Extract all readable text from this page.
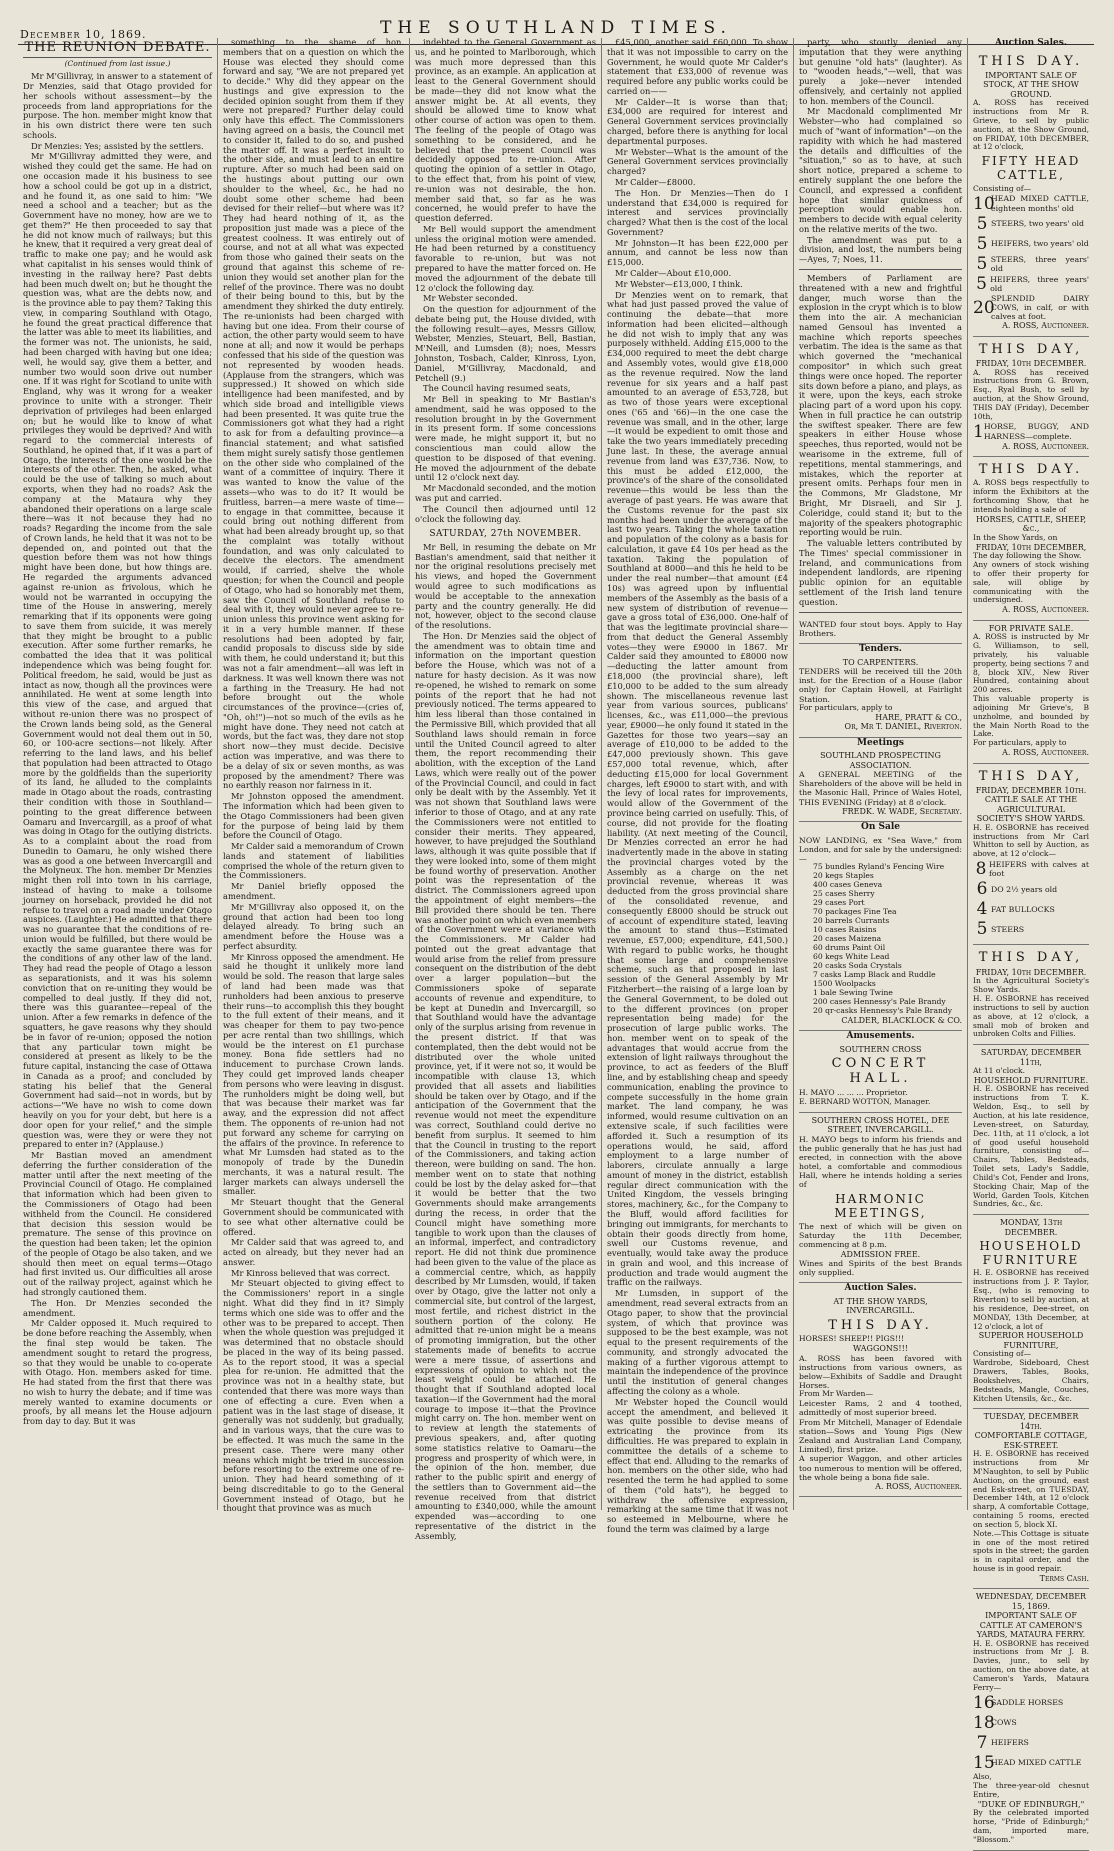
December 10, 1869.	THE SOUTHLAND TIMES.
THE REUNION DEBATE.
(Continued from last issue.)

Mr M'Gillivray, in answer to a statement of Dr Menzies, said that Otago provided for her schools without assessment—by the proceeds from land appropriations for the purpose. The hon. member might know that in his own district there were ten such schools.

Dr Menzies: Yes; assisted by the settlers.

Mr M'Gillivray admitted they were, and wished they could get the same. He had on one occasion made it his business to see how a school could be got up in a district, and he found it, as one said to him: "We need a school and a teacher; but as the Government have no money, how are we to get them?" He then proceeded to say that he did not know much of railways; but this he knew, that it required a very great deal of traffic to make one pay; and he would ask what capitalist in his senses would think of investing in the railway here? Past debts had been much dwelt on; but he thought the question was, what are the debts now, and is the province able to pay them? Taking this view, in comparing Southland with Otago, he found the great practical difference that the latter was able to meet its liabilities, and the former was not. The unionists, he said, had been charged with having but one idea; well, he would say, give them a better, and number two would soon drive out number one. If it was right for Scotland to unite with England, why was it wrong for a weaker province to unite with a stronger. Their deprivation of privileges had been enlarged on; but he would like to know of what privileges they would be deprived? And with regard to the commercial interests of Southland, he opined that, if it was a part of Otago, the interests of the one would be the interests of the other. Then, he asked, what could be the use of talking so much about exports, when they had no roads? Ask the company at the Mataura why they abandoned their operations on a large scale there—was it not because they had no roads? Regarding the income from the sale of Crown lands, he held that it was not to be depended on, and pointed out that the question before them was not how things might have been done, but how things are. He regarded the arguments advanced against re-union as frivolous, which he would not be warranted in occupying the time of the House in answering, merely remarking that if its opponents were going to save them from suicide, it was merely that they might be brought to a public execution. After some further remarks, he combatted the idea that it was political independence which was being fought for. Political freedom, he said, would be just as intact as now, though all the provinces were annihilated. He went at some length into this view of the case, and argued that without re-union there was no prospect of the Crown lands being sold, as the General Government would not deal them out in 50, 60, or 100-acre sections—not likely. After referring to the land laws, and his belief that population had been attracted to Otago more by the goldfields than the superiority of its land, he alluded to the complaints made in Otago about the roads, contrasting their condition with those in Southland—pointing to the great difference between Oamaru and Invercargill, as a proof of what was doing in Otago for the outlying districts. As to a complaint about the road from Dunedin to Oamaru, he only wished there was as good a one between Invercargill and the Molyneux. The hon. member Dr Menzies might then roll into town in his carriage, instead of having to make a toilsome journey on horseback, provided he did not refuse to travel on a road made under Otago auspices. (Laughter.) He admitted that there was no guarantee that the conditions of re-union would be fulfilled, but there would be exactly the same guarantee there was for the conditions of any other law of the land. They had read the people of Otago a lesson as separationists, and it was his solemn conviction that on re-uniting they would be compelled to deal justly. If they did not, there was this guarantee—repeal of the union. After a few remarks in defence of the squatters, he gave reasons why they should be in favor of re-union; opposed the notion that any particular town might be considered at present as likely to be the future capital, instancing the case of Ottawa in Canada as a proof; and concluded by stating his belief that the General Government had said—not in words, but by actions—"We have no wish to come down heavily on you for your debt, but here is a door open for your relief," and the simple question was, were they or were they not prepared to enter in? (Applause.)

Mr Bastian moved an amendment deferring the further consideration of the matter until after the next meeting of the Provincial Council of Otago. He complained that information which had been given to the Commissioners of Otago had been withheld from the Council. He considered that decision this session would be premature. The sense of this province on the question had been taken; let the opinion of the people of Otago be also taken, and we should then meet on equal terms—Otago had first invited us. Our difficulties all arose out of the railway project, against which he had strongly cautioned them.

The Hon. Dr Menzies seconded the amendment.

Mr Calder opposed it. Much required to be done before reaching the Assembly, when the final step would be taken. The amendment sought to retard the progress, so that they would be unable to co-operate with Otago. Hon. members asked for time. He had stated from the first that there was no wish to hurry the debate; and if time was merely wanted to examine documents or proofs, by all means let the House adjourn from day to day. But it was

something to the shame of hon. members that on a question on which the House was elected they should come forward and say, "We are not prepared yet to decide." Why did they appear on the hustings and give expression to the decided opinion sought from them if they were not prepared? Further delay could only have this effect. The Commissioners having agreed on a basis, the Council met to consider it, failed to do so, and pushed the matter off. It was a perfect insult to the other side, and must lead to an entire rupture. After so much had been said on the hustings about putting our own shoulder to the wheel, &c., he had no doubt some other scheme had been devised for their relief—but where was it? They had heard nothing of it, as the proposition just made was a piece of the greatest coolness. It was entirely out of course, and not at all what was expected from those who gained their seats on the ground that against this scheme of re-union they would set another plan for the relief of the province. There was no doubt of their being bound to this, but by the amendment they shirked the duty entirely. The re-unionists had been charged with having but one idea. From their course of action, the other party would seem to have none at all; and now it would be perhaps confessed that his side of the question was not represented by wooden heads. (Applause from the strangers, which was suppressed.) It showed on which side intelligence had been manifested, and by which side broad and intelligible views had been presented. It was quite true the Commissioners got what they had a right to ask for from a defaulting province—a financial statement; and what satisfied them might surely satisfy those gentlemen on the other side who complained of the want of a committee of inquiry. There it was wanted to know the value of the assets—who was to do it? It would be fruitless, barren—a mere waste of time—to engage in that committee, because it could bring out nothing different from what had been already brought up, so that the complaint was totally without foundation, and was only calculated to deceive the electors. The amendment would, if carried, shelve the whole question; for when the Council and people of Otago, who had so honorably met them, saw the Council of Southland refuse to deal with it, they would never agree to re-union unless this province went asking for it in a very humble manner. If these resolutions had been adopted by fair, candid proposals to discuss side by side with them, he could understand it; but this was not a fair amendment—all was left in darkness. It was well known there was not a farthing in the Treasury. He had not before brought out the whole circumstances of the province—(cries of, "Oh, oh!")—not so much of the evils as he might have done. They need not catch at words, but the fact was, they dare not stop short now—they must decide. Decisive action was imperative, and was there to be a delay of six or seven months, as was proposed by the amendment? There was no earthly reason nor fairness in it.

Mr Johnston opposed the amendment. The information which had been given to the Otago Commissioners had been given for the purpose of being laid by them before the Council of Otago.

Mr Calder said a memorandum of Crown lands and statement of liabilities comprised the whole of the return given to the Commissioners.

Mr Daniel briefly opposed the amendment.

Mr M'Gillivray also opposed it, on the ground that action had been too long delayed already. To bring such an amendment before the House was a perfect absurdity.

Mr Kinross opposed the amendment. He said he thought it unlikely more land would be sold. The reason that large sales of land had been made was that runholders had been anxious to preserve their runs—to accomplish this they bought to the full extent of their means, and it was cheaper for them to pay two-pence per acre rental than two shillings, which would be the interest on £1 purchase money. Bona fide settlers had no inducement to purchase Crown lands. They could get improved lands cheaper from persons who were leaving in disgust. The runholders might be doing well, but that was because their market was far away, and the expression did not affect them. The opponents of re-union had not put forward any scheme for carrying on the affairs of the province. In reference to what Mr Lumsden had stated as to the monopoly of trade by the Dunedin merchants, it was a natural result. The larger markets can always undersell the smaller.

Mr Steuart thought that the General Government should be communicated with to see what other alternative could be offered.

Mr Calder said that was agreed to, and acted on already, but they never had an answer.

Mr Kinross believed that was correct.

Mr Steuart objected to giving effect to the Commissioners' report in a single night. What did they find in it? Simply terms which one side was to offer and the other was to be prepared to accept. Then when the whole question was prejudged it was determined that no obstacle should be placed in the way of its being passed. As to the report stood, it was a special plea for re-union. He admitted that the province was not in a healthy state, but contended that there was more ways than one of effecting a cure. Even when a patient was in the last stage of disease, it generally was not suddenly, but gradually, and in various ways, that the cure was to be effected. It was much the same in the present case. There were many other means which might be tried in succession before resorting to the extreme one of re-union. They had heard something of it being discreditable to go to the General Government instead of Otago, but he thought that province was as much

indebted to the General Government as us, and he pointed to Marlborough, which was much more depressed than this province, as an example. An application at least to the General Government should be made—they did not know what the answer might be. At all events, they should be allowed time to know what other course of action was open to them. The feeling of the people of Otago was something to be considered, and he believed that the present Council was decidedly opposed to re-union. After quoting the opinion of a settler in Otago, to the effect that, from his point of view, re-union was not desirable, the hon. member said that, so far as he was concerned, he would prefer to have the question deferred.

Mr Bell would support the amendment unless the original motion were amended. He had been returned by a constituency favorable to re-union, but was not prepared to have the matter forced on. He moved the adjournment of the debate till 12 o'clock the following day.

Mr Webster seconded.

On the question for adjournment of the debate being put, the House divided, with the following result—ayes, Messrs Gillow, Webster, Menzies, Steuart, Bell, Bastian, M'Neill, and Lumsden (8); noes, Messrs Johnston, Tosbach, Calder, Kinross, Lyon, Daniel, M'Gillivray, Macdonald, and Petchell (9.)

The Council having resumed seats,

Mr Bell in speaking to Mr Bastian's amendment, said he was opposed to the resolution brought in by the Government in its present form. If some concessions were made, he might support it, but no conscientious man could allow the question to be disposed of that evening. He moved the adjournment of the debate until 12 o'clock next day.

Mr Macdonald seconded, and the motion was put and carried.

The Council then adjourned until 12 o'clock the following day.

SATURDAY, 27th NOVEMBER.

Mr Bell, in resuming the debate on Mr Bastian's amendment, said that neither it nor the original resolutions precisely met his views, and hoped the Government would agree to such modifications as would be acceptable to the annexation party and the country generally. He did not, however, object to the second clause of the resolutions.

The Hon. Dr Menzies said the object of the amendment was to obtain time and information on the important question before the House, which was not of a nature for hasty decision. As it was now re-opened, he wished to remark on some points of the report that he had not previously noticed. The terms appeared to him less liberal than those contained in the Permissive Bill, which provided that all Southland laws should remain in force until the United Council agreed to alter them, the report recommending their abolition, with the exception of the Land Laws, which were really out of the power of the Provincial Council, and could in fact only be dealt with by the Assembly. Yet it was not shown that Southland laws were inferior to those of Otago, and at any rate the Commissioners were not entitled to consider their merits. They appeared, however, to have prejudged the Southland laws, although it was quite possible that if they were looked into, some of them might be found worthy of preservation. Another point was the representation of the district. The Commissioners agreed upon the appointment of eight members—the Bill provided there should be ten. There was another point on which even members of the Government were at variance with the Commissioners. Mr Calder had pointed out the great advantage that would arise from the relief from pressure consequent on the distribution of the debt over a larger population—but the Commissioners spoke of separate accounts of revenue and expenditure, to be kept at Dunedin and Invercargill, so that Southland would have the advantage only of the surplus arising from revenue in the present district. If that was contemplated, then the debt would not be distributed over the whole united province, yet, if it were not so, it would be incompatible with clause 13, which provided that all assets and liabilities should be taken over by Otago, and if the anticipation of the Government that the revenue would not meet the expenditure was correct, Southland could derive no benefit from surplus. It seemed to him that the Council in trusting to the report of the Commissioners, and taking action thereon, were building on sand. The hon. member went on to state that nothing could be lost by the delay asked for—that it would be better that the two Governments should make arrangements during the recess, in order that the Council might have something more tangible to work upon than the clauses of an informal, imperfect, and contradictory report. He did not think due prominence had been given to the value of the place as a commercial centre, which, as happily described by Mr Lumsden, would, if taken over by Otago, give the latter not only a commercial site, but control of the largest, most fertile, and richest district in the southern portion of the colony. He admitted that re-union might be a means of promoting immigration, but the other statements made of benefits to accrue were a mere tissue, of assertions and expressions of opinion to which not the least weight could be attached. He thought that if Southland adopted local taxation—if the Government had the moral courage to impose it—that the Province might carry on. The hon. member went on to review at length the statements of previous speakers, and, after quoting some statistics relative to Oamaru—the progress and prosperity of which were, in the opinion of the hon. member, due rather to the public spirit and energy of the settlers than to Government aid—the revenue received from that district amounting to £340,000, while the amount expended was—according to one representative of the district in the Assembly,

£45,000, another said £60,000. To show that it was not impossible to carry on the Government, he would quote Mr Calder's statement that £33,000 of revenue was required before any public works could be carried on——

Mr Calder—It is worse than that; £34,000 are required for interest and General Government services provincially charged, before there is anything for local departmental purposes.

Mr Webster—What is the amount of the General Government services provincially charged?

Mr Calder—£8000.

The Hon. Dr Menzies—Then do I understand that £34,000 is required for interest and services provincially charged? What then is the cost of the local Government?

Mr Johnston—It has been £22,000 per annum, and cannot be less now than £15,000.

Mr Calder—About £10,000.

Mr Webster—£13,000, I think.

Dr Menzies went on to remark, that what had just passed proved the value of continuing the debate—that more information had been elicited—although he did not wish to imply that any was purposely withheld. Adding £15,000 to the £34,000 required to meet the debt charge and Assembly votes, would give £18,000 as the revenue required. Now the land revenue for six years and a half past amounted to an average of £53,728, but as two of those years were exceptional ones ('65 and '66)—in the one case the revenue was small, and in the other, large—it would be expedient to omit those and take the two years immediately preceding June last. In these, the average annual revenue from land was £37,736. Now, to this must be added £12,000, the province's of the share of the consolidated revenue—this would be less than the average of past years. He was aware that the Customs revenue for the past six months had been under the average of the last two years. Taking the whole taxation and population of the colony as a basis for calculation, it gave £4 10s per head as the taxation. Taking the population of Southland at 8000—and this he held to be under the real number—that amount (£4 10s) was agreed upon by influential members of the Assembly as the basis of a new system of distribution of revenue—gave a gross total of £36,000. One-half of that was the legitimate provincial share—from that deduct the General Assembly votes—they were £9000 in 1867. Mr Calder said they amounted to £8000 now—deducting the latter amount from £18,000 (the provincial share), left £10,000 to be added to the sum already shown. The miscellaneous revenue last year from various sources, publicans' licenses, &c., was £11,000—the previous year, £9000—he only found it stated in the Gazettes for those two years—say an average of £10,000 to be added to the £47,000 previously shown. This gave £57,000 total revenue, which, after deducting £15,000 for local Government charges, left £9000 to start with, and with the levy of local rates for improvements, would allow of the Government of the province being carried on usefully. This, of course, did not provide for the floating liability. (At next meeting of the Council, Dr Menzies corrected an error he had inadvertently made in the above in stating the provincial charges voted by the Assembly as a charge on the net provincial revenue, whereas it was deducted from the gross provincial share of the consolidated revenue, and consequently £8000 should be struck out of account of expenditure stated, leaving the amount to stand thus—Estimated revenue, £57,000; expenditure, £41,500.) With regard to public works, he thought that some large and comprehensive scheme, such as that proposed in last session of the General Assembly by Mr Fitzherbert—the raising of a large loan by the General Government, to be doled out to the different provinces (on proper representation being made) for the prosecution of large public works. The hon. member went on to speak of the advantages that would accrue from the extension of light railways throughout the province, to act as feeders of the Bluff line, and by establishing cheap and speedy communication, enabling the province to compete successfully in the home grain market. The land company, he was informed, would resume cultivation on an extensive scale, if such facilities were afforded it. Such a resumption of its operations would, he said, afford employment to a large number of laborers, circulate annually a large amount of money in the district, establish regular direct communication with the United Kingdom, the vessels bringing stores, machinery, &c., for the Company to the Bluff, would afford facilities for bringing out immigrants, for merchants to obtain their goods directly from home, swell our Customs revenue, and eventually, would take away the produce in grain and wool, and this increase of production and trade would augment the traffic on the railways.

Mr Lumsden, in support of the amendment, read several extracts from an Otago paper, to show that the provincial system, of which that province was supposed to be the best example, was not equal to the present requirements of the community, and strongly advocated the making of a further vigorous attempt to maintain the independence of the province until the institution of general changes affecting the colony as a whole.

Mr Webster hoped the Council would accept the amendment, and believed it was quite possible to devise means of extricating the province from its difficulties. He was prepared to explain in committee the details of a scheme to effect that end. Alluding to the remarks of hon. members on the other side, who had resented the term he had applied to some of them ("old hats"), he begged to withdraw the offensive expression, remarking at the same time that it was not so esteemed in Melbourne, where he found the term was claimed by a large

party, who stoutly denied any imputation that they were anything but genuine "old hats" (laughter). As to "wooden heads,"—well, that was purely a joke—never intended offensively, and certainly not applied to hon. members of the Council.

Mr Macdonald complimented Mr Webster—who had complained so much of "want of information"—on the rapidity with which he had mastered the details and difficulties of the "situation," so as to have, at such short notice, prepared a scheme to entirely supplant the one before the Council, and expressed a confident hope that similar quickness of perception would enable hon. members to decide with equal celerity on the relative merits of the two.

The amendment was put to a division, and lost, the numbers being—Ayes, 7; Noes, 11.

Members of Parliament are threatened with a new and frightful danger, much worse than the explosion in the crypt which is to blow them into the air. A mechanician named Gensoul has invented a machine which reports speeches verbatim. The idea is the same as that which governed the "mechanical compositor" in which such great things were once hoped. The reporter sits down before a piano, and plays, as it were, upon the keys, each stroke placing part of a word upon his copy. When in full practice he can outstrip the swiftest speaker. There are few speakers in either House whose speeches, thus reported, would not be wearisome in the extreme, full of repetitions, mental stammerings, and mistakes, which the reporter at present omits. Perhaps four men in the Commons, Mr Gladstone, Mr Bright, Mr Disraeli, and Sir J. Coleridge, could stand it; but to the majority of the speakers photographic reporting would be ruin.

The valuable letters contributed by The Times' special commissioner in Ireland, and communications from independent landlords, are ripening public opinion for an equitable settlement of the Irish land tenure question.

WANTED four stout boys. Apply to Hay Brothers.
Tenders.
TO CARPENTERS.
TENDERS will be received till the 20th inst. for the Erection of a House (labor only) for Captain Howell, at Fairlight Station.
For particulars, apply to
HARE, PRATT & CO.,
Or, Mr T. DANIEL, Riverton.
Meetings
SOUTHLAND PROSPECTING ASSOCIATION.
A GENERAL MEETING of the Shareholders of the above will be held in the Masonic Hall, Prince of Wales Hotel, THIS EVENING (Friday) at 8 o'clock.
FREDK. W. WADE, Secretary.
On Sale
NOW LANDING, ex "Sea Wave," from London, and for sale by the undersigned:—
75 bundles Ryland's Fencing Wire
20 kegs Staples
400 cases Geneva
25 cases Sherry
29 cases Port
70 packages Fine Tea
20 barrels Currants
10 cases Raisins
20 cases Maizena
60 drums Paint Oil
60 kegs White Lead
20 casks Soda Crystals
7 casks Lamp Black and Ruddle
1500 Woolpacks
1 bale Sewing Twine
200 cases Hennessy's Pale Brandy
20 qr-casks Hennessy's Pale Brandy
CALDER, BLACKLOCK & CO.
Amusements.
SOUTHERN CROSS
CONCERT HALL.
H. MAYO ... ... ... Proprietor.
E. BERNARD WOTTON, Manager.
SOUTHERN CROSS HOTEL, DEE STREET, INVERCARGILL.
H. MAYO begs to inform his friends and the public generally that he has just had erected, in connection with the above hotel, a comfortable and commodious Hall, where he intends holding a series of
HARMONIC MEETINGS,
The next of which will be given on Saturday the 11th December, commencing at 8 p.m.
ADMISSION FREE.
Wines and Spirits of the best Brands only supplied.
Auction Sales.
AT THE SHOW YARDS, INVERCARGILL.
THIS DAY.
HORSES! SHEEP!! PIGS!!!
WAGGONS!!!
A. ROSS has been favored with instructions from various owners, as below—Exhibits of Saddle and Draught Horses.
From Mr Warden—
Leicester Rams, 2 and 4 toothed, admittedly of most superior breed.
From Mr Mitchell, Manager of Edendale station—Sows and Young Pigs (New Zealand and Australian Land Company, Limited), first prize.
A superior Waggon, and other articles too numerous to mention will be offered, the whole being a bona fide sale.
A. ROSS, Auctioneer.
Auction Sales.
THIS DAY.
IMPORTANT SALE OF STOCK, AT THE SHOW GROUND.
A. ROSS has received instructions from Mr R. Grieve, to sell by public auction, at the Show Ground, on FRIDAY, 10th DECEMBER, at 12 o'clock,
FIFTY HEAD CATTLE,
Consisting of—
10
HEAD MIXED CATTLE, eighteen months' old
5 STEERS, two years' old
5 HEIFERS, two years' old
5 STEERS, three years' old
5 HEIFERS, three years' old
20
SPLENDID DAIRY COWS, in calf, or with calves at foot.
A. ROSS, Auctioneer.
THIS DAY,
FRIDAY, 10th DECEMBER.
A. ROSS has received instructions from G. Brown, Esq., Ryal Bush, to sell by auction, at the Show Ground, THIS DAY (Friday), December 10th,
1 HORSE, BUGGY, AND HARNESS—complete.
A. ROSS, Auctioneer.
THIS DAY.
A. ROSS begs respectfully to inform the Exhibitors at the forthcoming Show, that he intends holding a sale of
HORSES, CATTLE, SHEEP, &c.,
In the Show Yards, on
FRIDAY, 10th DECEMBER,
The day following the Show.
Any owners of stock wishing to offer their property for sale, will oblige by communicating with the undersigned.
A. ROSS, Auctioneer.
FOR PRIVATE SALE.
A. ROSS is instructed by Mr G. Williamson, to sell, privately, his valuable property, being sections 7 and 8, block XIV., New River Hundred, containing about 200 acres.
This valuable property is adjoining Mr Grieve's, B unzholme, and bounded by the Main North Road to the Lake.
For particulars, apply to
A. ROSS, Auctioneer.
THIS DAY,
FRIDAY, DECEMBER 10th.
CATTLE SALE AT THE AGRICULTURAL SOCIETY'S SHOW YARDS.
H. E. OSBORNE has received instructions from Mr Carl Whitton to sell by Auction, as above, at 12 o'clock—
8 HEIFERS with calves at foot
6 DO 2½ years old
4 FAT BULLOCKS
5 STEERS
THIS DAY,
FRIDAY, 10th DECEMBER.
In the Agricultural Society's Show Yards.
H. E. OSBORNE has received instructions to sell by auction as above, at 12 o'clock, a small mob of broken and unbroken Colts and Fillies.
SATURDAY, DECEMBER 11th,
At 11 o'clock.
HOUSEHOLD FURNITURE.
H. E. OSBORNE has received instructions from T. K. Weldon, Esq., to sell by Auction, at his late residence, Leven-street, on Saturday, Dec. 11th, at 11 o'clock, a lot of good useful household furniture, consisting of—Chairs, Tables, Bedsteads, Toilet sets, Lady's Saddle, Child's Cot, Fender and Irons, Stocking Chair, Map of the World, Garden Tools, Kitchen Sundries, &c., &c.
MONDAY, 13th DECEMBER.
HOUSEHOLD FURNITURE
H. E. OSBORNE has received instructions from J. P. Taylor, Esq., (who is removing to Riverton) to sell by auction, at his residence, Dee-street, on MONDAY, 13th December, at 12 o'clock, a lot of
SUPERIOR HOUSEHOLD FURNITURE,
Consisting of—
Wardrobe, Sideboard, Chest Drawers, Tables, Books, Bookshelves, Chairs, Bedsteads, Mangle, Couches, Kitchen Utensils, &c., &c.
TUESDAY, DECEMBER 14th.
COMFORTABLE COTTAGE, ESK-STREET.
H. E. OSBORNE has received instructions from Mr M'Naughton, to sell by Public Auction, on the ground, east end Esk-street, on TUESDAY, December 14th, at 12 o'clock sharp, A comfortable Cottage, containing 5 rooms, erected on section 5, block XI.
Note.—This Cottage is situate in one of the most retired spots in the street; the garden is in capital order, and the house is in good repair.
Terms Cash.
WEDNESDAY, DECEMBER 15, 1869.
IMPORTANT SALE OF CATTLE AT CAMERON'S YARDS, MATAURA FERRY.
H. E. OSBORNE has received instructions from Mr J. B. Davies, junr., to sell by auction, on the above date, at Cameron's Yards, Mataura Ferry—
16
SADDLE HORSES
18
COWS
7 HEIFERS
15
HEAD MIXED CATTLE
Also,
The three-year-old chesnut Entire,
"DUKE OF EDINBURGH,"
By the celebrated imported horse, "Pride of Edinburgh;" dam, imported mare, "Blossom."
